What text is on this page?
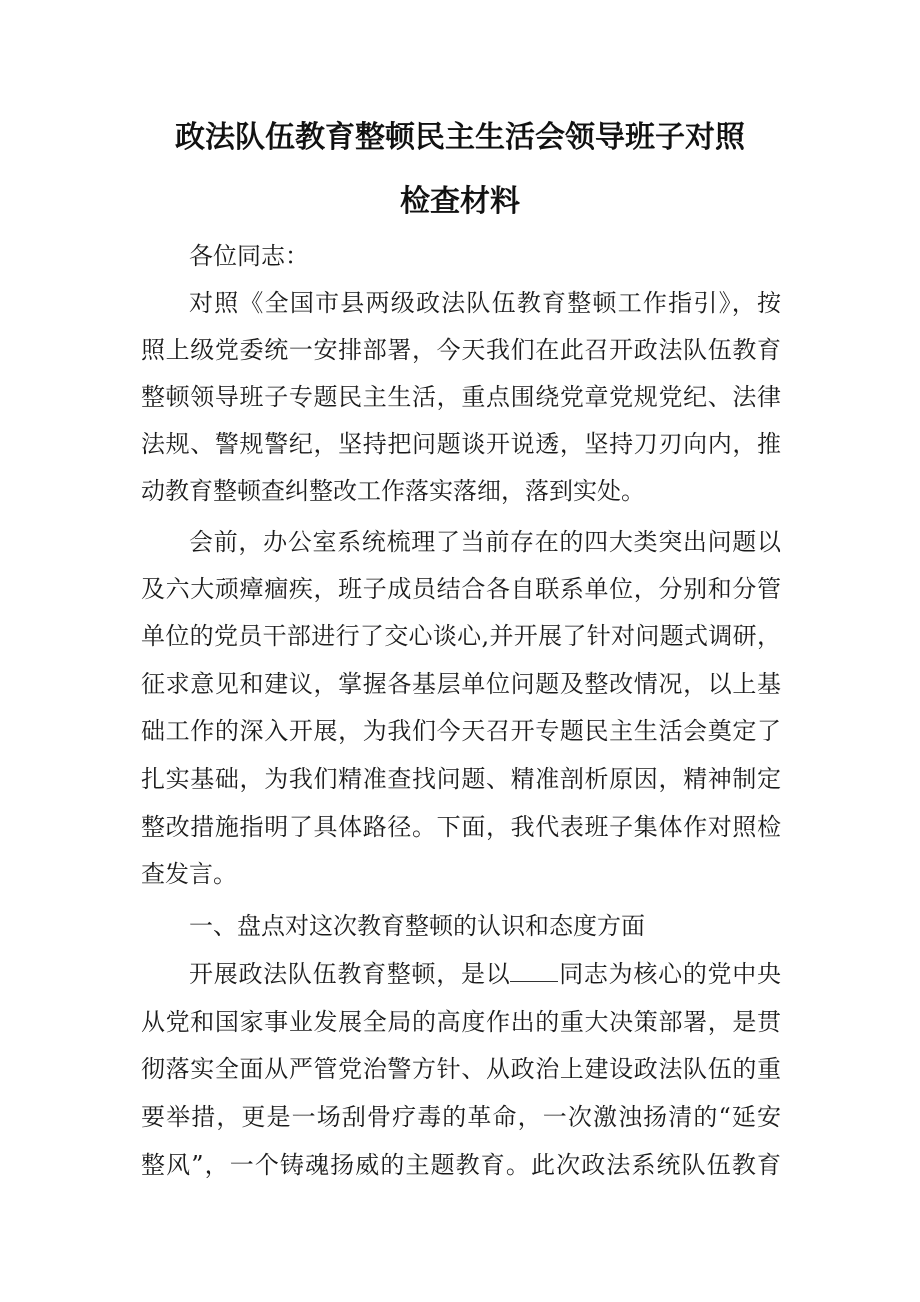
政法队伍教育整顿民主生活会领导班子对照
检查材料
各位同志：
对照《全国市县两级政法队伍教育整顿工作指引》，按
照上级党委统一安排部署，今天我们在此召开政法队伍教育
整顿领导班子专题民主生活，重点围绕党章党规党纪、法律
法规、警规警纪，坚持把问题谈开说透，坚持刀刃向内，推
动教育整顿查纠整改工作落实落细，落到实处。
会前，办公室系统梳理了当前存在的四大类突出问题以
及六大顽瘴痼疾，班子成员结合各自联系单位，分别和分管
单位的党员干部进行了交心谈心,并开展了针对问题式调研，
征求意见和建议，掌握各基层单位问题及整改情况，以上基
础工作的深入开展，为我们今天召开专题民主生活会奠定了
扎实基础，为我们精准查找问题、精准剖析原因，精神制定
整改措施指明了具体路径。下面，我代表班子集体作对照检
查发言。
一、盘点对这次教育整顿的认识和态度方面
开展政法队伍教育整顿，是以 同志为核心的党中央
从党和国家事业发展全局的高度作出的重大决策部署，是贯
彻落实全面从严管党治警方针、从政治上建设政法队伍的重
要举措，更是一场刮骨疗毒的革命，一次激浊扬清的“延安
整风”，一个铸魂扬威的主题教育。此次政法系统队伍教育
